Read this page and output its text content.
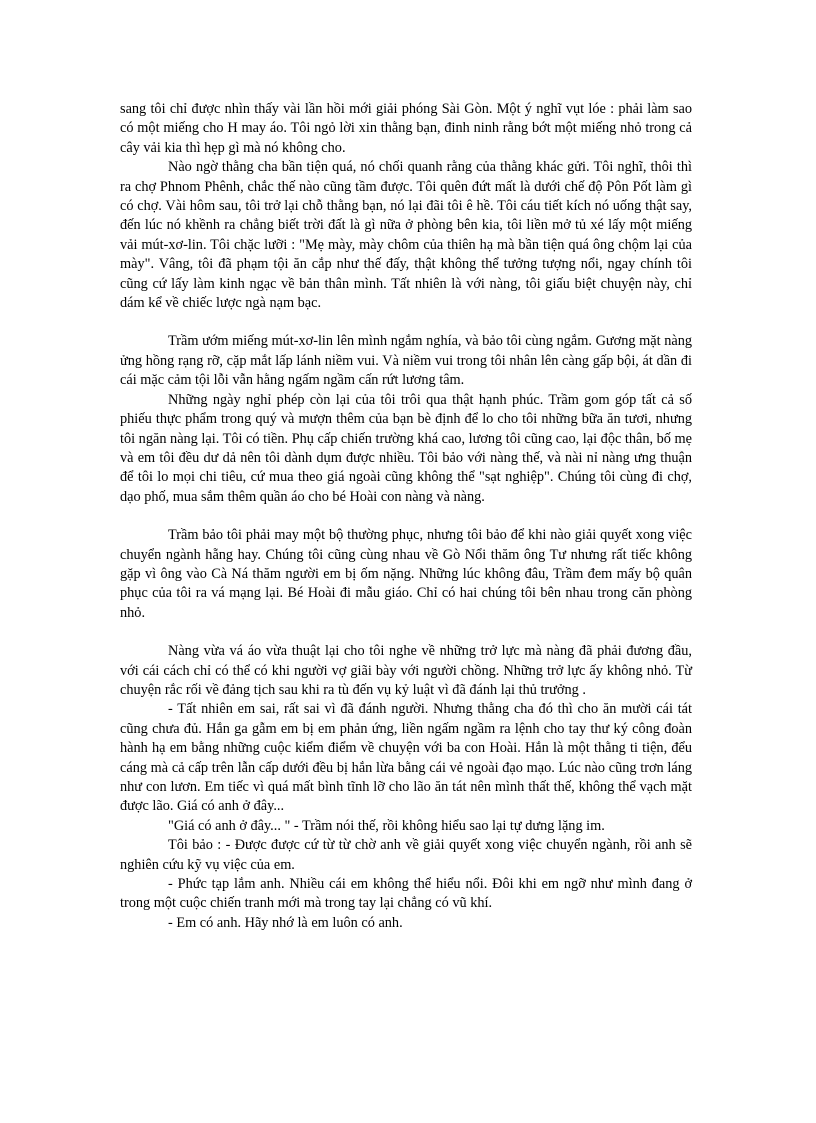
sang tôi chỉ được nhìn thấy vài lần hồi mới giải phóng Sài Gòn. Một ý nghĩ vụt lóe : phải làm sao có một miếng cho H may áo. Tôi ngỏ lời xin thằng bạn, đinh ninh rằng bớt một miếng nhỏ trong cả cây vải kia thì hẹp gì mà nó không cho.

Nào ngờ thằng cha bần tiện quá, nó chối quanh rằng của thằng khác gửi. Tôi nghĩ, thôi thì ra chợ Phnom Phênh, chắc thế nào cũng tầm được. Tôi quên đứt mất là dưới chế độ Pôn Pốt làm gì có chợ. Vài hôm sau, tôi trở lại chỗ thằng bạn, nó lại đãi tôi ê hề. Tôi cáu tiết kích nó uống thật say, đến lúc nó khềnh ra chẳng biết trời đất là gì nữa ở phòng bên kia, tôi liền mở tủ xé lấy một miếng vải mút-xơ-lin. Tôi chặc lưỡi : "Mẹ mày, mày chôm của thiên hạ mà bần tiện quá ông chộm lại của mày". Vâng, tôi đã phạm tội ăn cắp như thế đấy, thật không thể tưởng tượng nổi, ngay chính tôi cũng cứ lấy làm kinh ngạc về bản thân mình. Tất nhiên là với nàng, tôi giấu biệt chuyện này, chỉ dám kể về chiếc lược ngà nạm bạc.

Trầm ướm miếng mút-xơ-lin lên mình ngắm nghía, và bảo tôi cùng ngắm. Gương mặt nàng ửng hồng rạng rỡ, cặp mắt lấp lánh niềm vui. Và niềm vui trong tôi nhân lên càng gấp bội, át dần đi cái mặc cảm tội lỗi vẫn hằng ngấm ngầm cấn rứt lương tâm.

Những ngày nghỉ phép còn lại của tôi trôi qua thật hạnh phúc. Trầm gom góp tất cả số phiếu thực phẩm trong quý và mượn thêm của bạn bè định để lo cho tôi những bữa ăn tươi, nhưng tôi ngăn nàng lại. Tôi có tiền. Phụ cấp chiến trường khá cao, lương tôi cũng cao, lại độc thân, bố mẹ và em tôi đều dư dả nên tôi dành dụm được nhiều. Tôi bảo với nàng thế, và nài nỉ nàng ưng thuận để tôi lo mọi chi tiêu, cứ mua theo giá ngoài cũng không thể "sạt nghiệp". Chúng tôi cùng đi chợ, dạo phố, mua sắm thêm quần áo cho bé Hoài con nàng và nàng.

Trầm bảo tôi phải may một bộ thường phục, nhưng tôi bảo để khi nào giải quyết xong việc chuyển ngành hẵng hay. Chúng tôi cũng cùng nhau về Gò Nổi thăm ông Tư nhưng rất tiếc không gặp vì ông vào Cà Ná thăm người em bị ốm nặng. Những lúc không đâu, Trầm đem mấy bộ quân phục của tôi ra vá mạng lại. Bé Hoài đi mẫu giáo. Chỉ có hai chúng tôi bên nhau trong căn phòng nhỏ.

Nàng vừa vá áo vừa thuật lại cho tôi nghe về những trở lực mà nàng đã phải đương đầu, với cái cách chỉ có thể có khi người vợ giãi bày với người chồng. Những trở lực ấy không nhỏ. Từ chuyện rắc rối về đảng tịch sau khi ra tù đến vụ kỷ luật vì đã đánh lại thủ trưởng .

- Tất nhiên em sai, rất sai vì đã đánh người. Nhưng thằng cha đó thì cho ăn mười cái tát cũng chưa đủ. Hắn ga gẫm em bị em phản ứng, liền ngấm ngầm ra lệnh cho tay thư ký công đoàn hành hạ em bằng những cuộc kiểm điểm về chuyện với ba con Hoài. Hắn là một thằng ti tiện, đểu cáng mà cả cấp trên lẫn cấp dưới đều bị hắn lừa bằng cái vẻ ngoài đạo mạo. Lúc nào cũng trơn láng như con lươn. Em tiếc vì quá mất bình tĩnh lỡ cho lão ăn tát nên mình thất thế, không thể vạch mặt được lão. Giá có anh ở đây...

"Giá có anh ở đây... " - Trầm nói thế, rồi không hiểu sao lại tự dưng lặng im.

Tôi bảo : - Được được cứ từ từ chờ anh về giải quyết xong việc chuyển ngành, rồi anh sẽ nghiên cứu kỹ vụ việc của em.

- Phức tạp lắm anh. Nhiều cái em không thể hiểu nổi. Đôi khi em ngỡ như mình đang ở trong một cuộc chiến tranh mới mà trong tay lại chẳng có vũ khí.

- Em có anh. Hãy nhớ là em luôn có anh.
